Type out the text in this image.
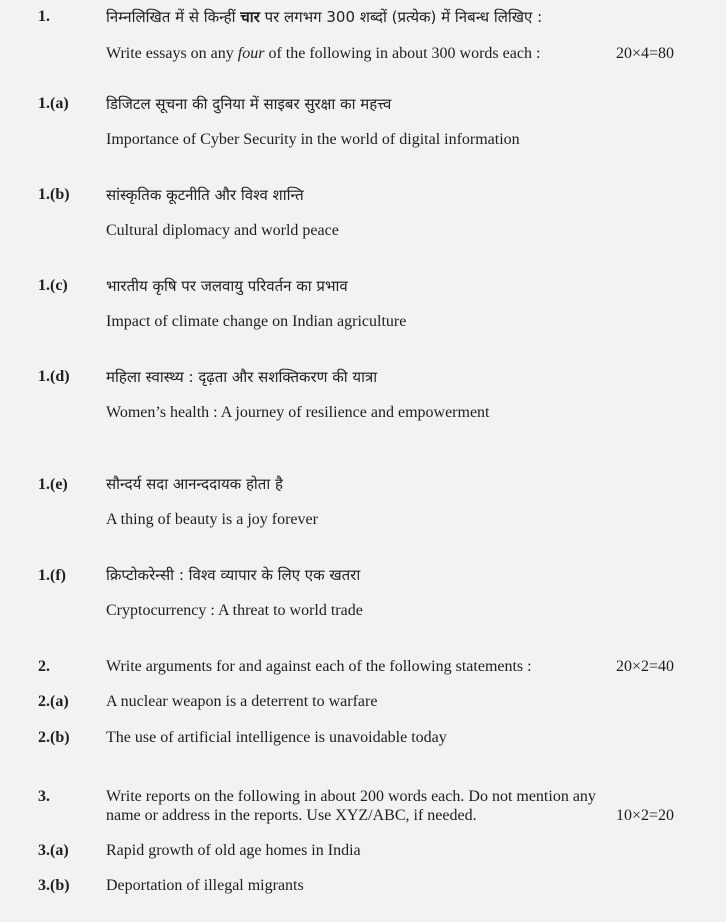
1.	निम्नलिखित में से किन्हीं चार पर लगभग 300 शब्दों (प्रत्येक) में निबन्ध लिखिए :
Write essays on any four of the following in about 300 words each :	20×4=80
1.(a)	डिजिटल सूचना की दुनिया में साइबर सुरक्षा का महत्त्व
Importance of Cyber Security in the world of digital information
1.(b)	सांस्कृतिक कूटनीति और विश्व शान्ति
Cultural diplomacy and world peace
1.(c)	भारतीय कृषि पर जलवायु परिवर्तन का प्रभाव
Impact of climate change on Indian agriculture
1.(d)	महिला स्वास्थ्य : दृढ़ता और सशक्तिकरण की यात्रा
Women’s health : A journey of resilience and empowerment
1.(e)	सौन्दर्य सदा आनन्ददायक होता है
A thing of beauty is a joy forever
1.(f)	क्रिप्टोकरेन्सी : विश्व व्यापार के लिए एक खतरा
Cryptocurrency : A threat to world trade
2.	Write arguments for and against each of the following statements :	20×2=40
2.(a)	A nuclear weapon is a deterrent to warfare
2.(b)	The use of artificial intelligence is unavoidable today
3.	Write reports on the following in about 200 words each. Do not mention any
name or address in the reports. Use XYZ/ABC, if needed.	10×2=20
3.(a)	Rapid growth of old age homes in India
3.(b)	Deportation of illegal migrants
